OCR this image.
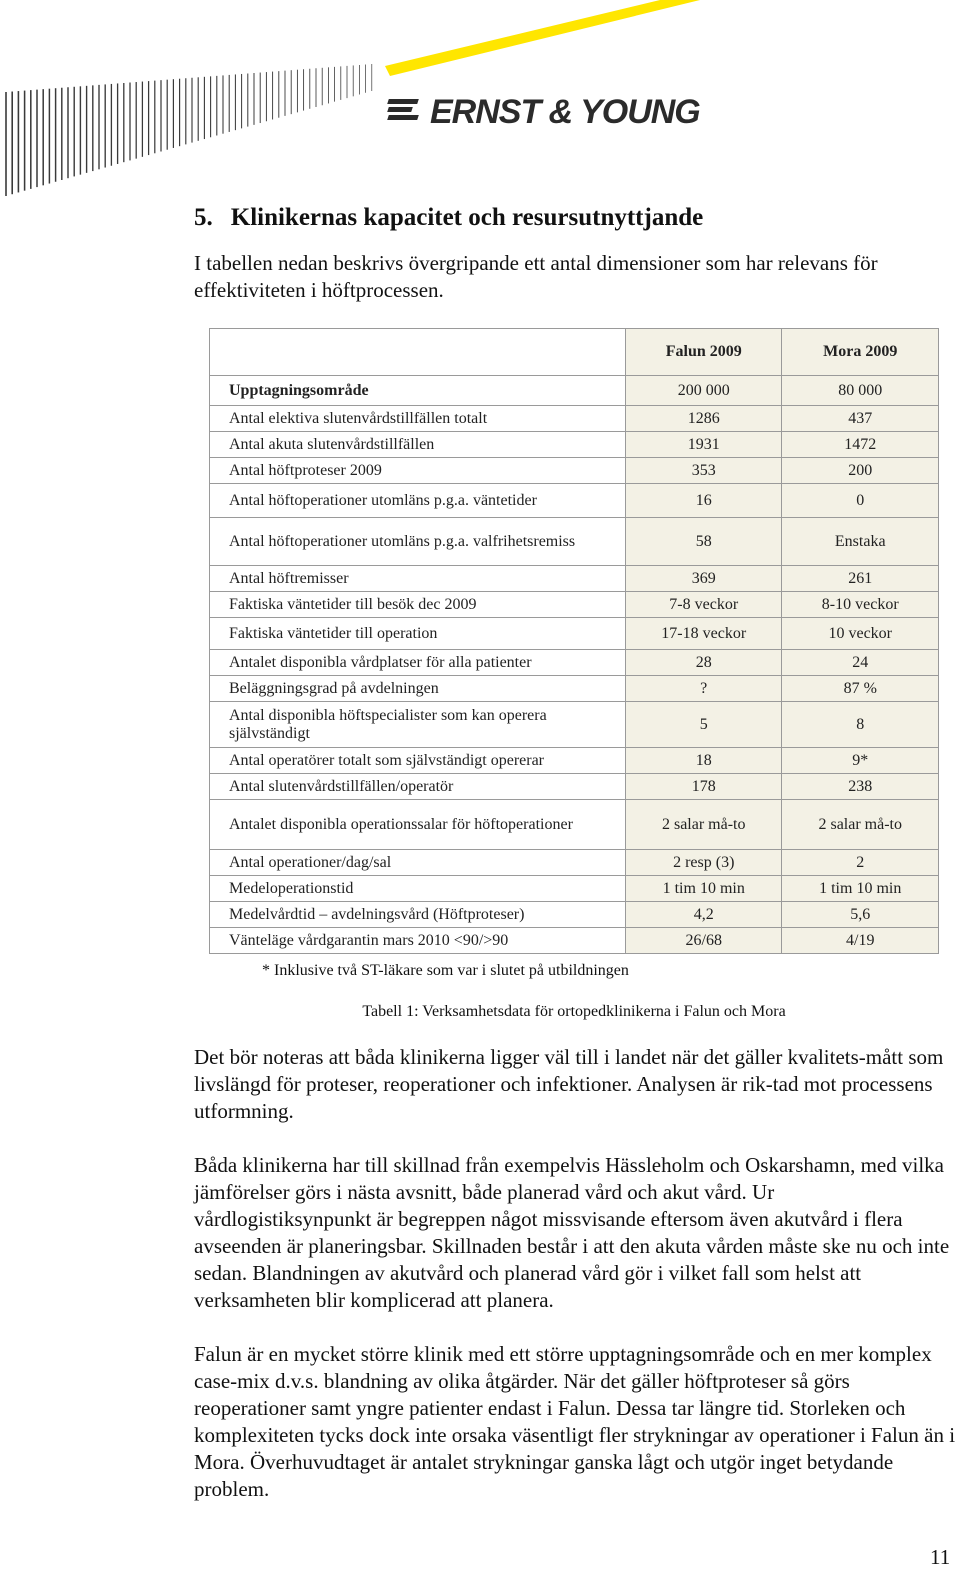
ERNST & YOUNG
5. Klinikernas kapacitet och resursutnyttjande

I tabellen nedan beskrivs övergripande ett antal dimensioner som har relevans för effektiviteten i höftprocessen.

	Falun 2009	Mora 2009
Upptagningsområde	200 000	80 000
Antal elektiva slutenvårdstillfällen totalt	1286	437
Antal akuta slutenvårdstillfällen	1931	1472
Antal höftproteser 2009	353	200
Antal höftoperationer utomläns p.g.a. väntetider	16	0
Antal höftoperationer utomläns p.g.a. valfrihetsremiss	58	Enstaka
Antal höftremisser	369	261
Faktiska väntetider till besök dec 2009	7-8 veckor	8-10 veckor
Faktiska väntetider till operation	17-18 veckor	10 veckor
Antalet disponibla vårdplatser för alla patienter	28	24
Beläggningsgrad på avdelningen	?	87 %
Antal disponibla höftspecialister som kan operera självständigt	5	8
Antal operatörer totalt som självständigt opererar	18	9*
Antal slutenvårdstillfällen/operatör	178	238
Antalet disponibla operationssalar för höftoperationer	2 salar må-to	2 salar må-to
Antal operationer/dag/sal	2 resp (3)	2
Medeloperationstid	1 tim 10 min	1 tim 10 min
Medelvårdtid – avdelningsvård (Höftproteser)	4,2	5,6
Vänteläge vårdgarantin mars 2010 <90/>90	26/68	4/19

* Inklusive två ST-läkare som var i slutet på utbildningen

Tabell 1: Verksamhetsdata för ortopedklinikerna i Falun och Mora

Det bör noteras att båda klinikerna ligger väl till i landet när det gäller kvalitets-mått som livslängd för proteser, reoperationer och infektioner. Analysen är rik-tad mot processens utformning.

Båda klinikerna har till skillnad från exempelvis Hässleholm och Oskarshamn, med vilka jämförelser görs i nästa avsnitt, både planerad vård och akut vård. Ur vårdlogistiksynpunkt är begreppen något missvisande eftersom även akutvård i flera avseenden är planeringsbar. Skillnaden består i att den akuta vården måste ske nu och inte sedan. Blandningen av akutvård och planerad vård gör i vilket fall som helst att verksamheten blir komplicerad att planera.

Falun är en mycket större klinik med ett större upptagningsområde och en mer komplex case-mix d.v.s. blandning av olika åtgärder. När det gäller höftproteser så görs reoperationer samt yngre patienter endast i Falun. Dessa tar längre tid. Storleken och komplexiteten tycks dock inte orsaka väsentligt fler strykningar av operationer i Falun än i Mora. Överhuvudtaget är antalet strykningar ganska lågt och utgör inget betydande problem.

11
